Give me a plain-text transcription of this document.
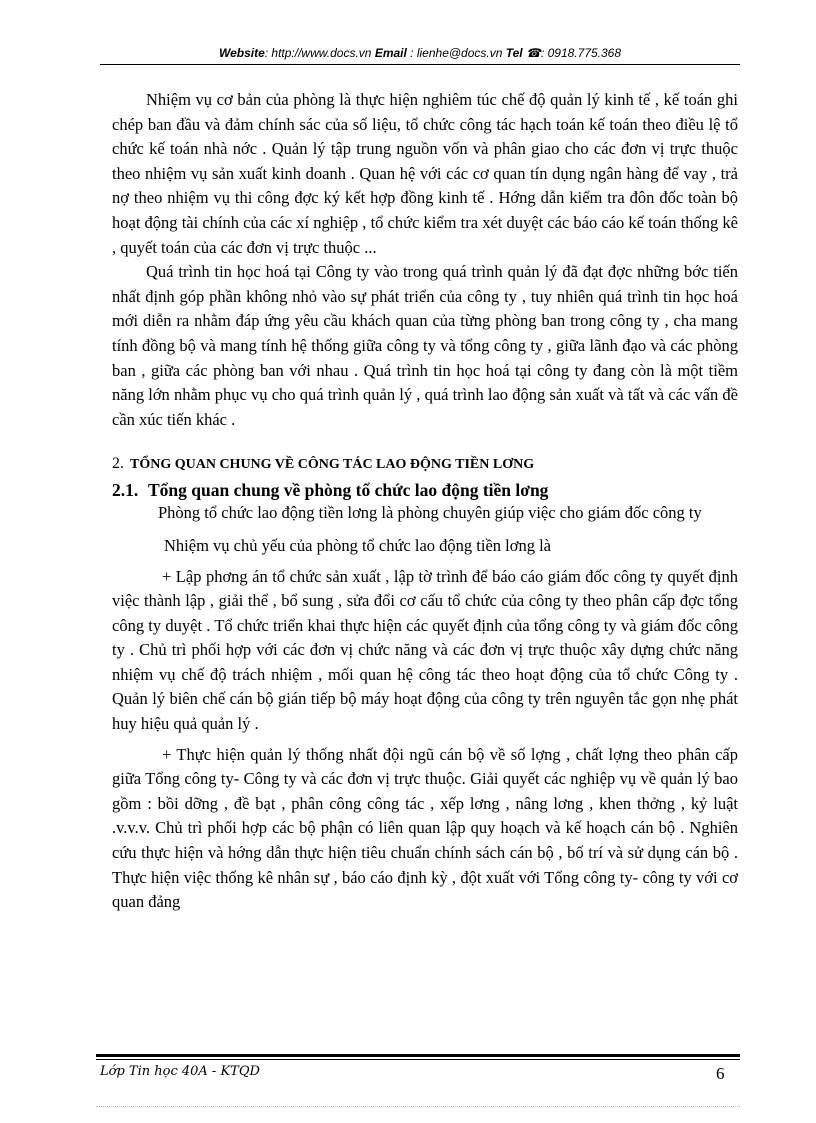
Website: http://www.docs.vn Email : lienhe@docs.vn Tel ☎: 0918.775.368

Nhiệm vụ cơ bản của phòng là thực hiện nghiêm túc chế độ quản lý kinh tế , kế toán ghi chép ban đầu và đảm chính sác của số liệu, tổ chức công tác hạch toán kế toán theo điều lệ tổ chức kế toán nhà nớc . Quản lý tập trung nguồn vốn và phân giao cho các đơn vị trực thuộc theo nhiệm vụ sản xuất kinh doanh . Quan hệ với các cơ quan tín dụng ngân hàng để vay , trả nợ theo nhiệm vụ thi công đợc ký kết hợp đồng kinh tế . Hớng dẫn kiểm tra đôn đốc toàn bộ hoạt động tài chính của các xí nghiệp , tổ chức kiểm tra xét duyệt các báo cáo kế toán thống kê , quyết toán của các đơn vị trực thuộc ...

Quá trình tin học hoá tại Công ty vào trong quá trình quản lý đã đạt đợc những bớc tiến nhất định góp phần không nhỏ vào sự phát triển của công ty , tuy nhiên quá trình tin học hoá mới diễn ra nhằm đáp ứng yêu cầu khách quan của từng phòng ban trong công ty , cha mang tính đồng bộ và mang tính hệ thống giữa công ty và tổng công ty , giữa lãnh đạo và các phòng ban , giữa các phòng ban với nhau . Quá trình tin học hoá tại công ty đang còn là một tiềm năng lớn nhằm phục vụ cho quá trình quản lý , quá trình lao động sản xuất và tất và các vấn đề cần xúc tiến khác .

2. TỔNG QUAN CHUNG VỀ CÔNG TÁC LAO ĐỘNG TIỀN LƠNG
2.1. Tổng quan chung về phòng tổ chức lao động tiền lơng

Phòng tổ chức lao động tiền lơng là phòng chuyên giúp việc cho giám đốc công ty

Nhiệm vụ chủ yếu của phòng tổ chức lao động tiền lơng là

+ Lập phơng án tổ chức sản xuất , lập tờ trình để báo cáo giám đốc công ty quyết định việc thành lập , giải thể , bổ sung , sửa đổi cơ cấu tổ chức của công ty theo phân cấp đợc tổng công ty duyệt . Tổ chức triển khai thực hiện các quyết định của tổng công ty và giám đốc công ty . Chủ trì phối hợp với các đơn vị chức năng và các đơn vị trực thuộc xây dựng chức năng nhiệm vụ chế độ trách nhiệm , mối quan hệ công tác theo hoạt động của tổ chức Công ty . Quản lý biên chế cán bộ gián tiếp bộ máy hoạt động của công ty trên nguyên tắc gọn nhẹ phát huy hiệu quả quản lý .

+ Thực hiện quản lý thống nhất đội ngũ cán bộ về số lợng , chất lợng theo phân cấp giữa Tổng công ty- Công ty và các đơn vị trực thuộc. Giải quyết các nghiệp vụ về quản lý bao gồm : bồi dỡng , đề bạt , phân công công tác , xếp lơng , nâng lơng , khen thởng , kỷ luật .v.v.v. Chủ trì phối hợp các bộ phận có liên quan lập quy hoạch và kế hoạch cán bộ . Nghiên cứu thực hiện và hớng dẫn thực hiện tiêu chuẩn chính sách cán bộ , bố trí và sử dụng cán bộ . Thực hiện việc thống kê nhân sự , báo cáo định kỳ , đột xuất với Tổng công ty- công ty với cơ quan đảng

Lớp Tin học 40A - KTQD	6
